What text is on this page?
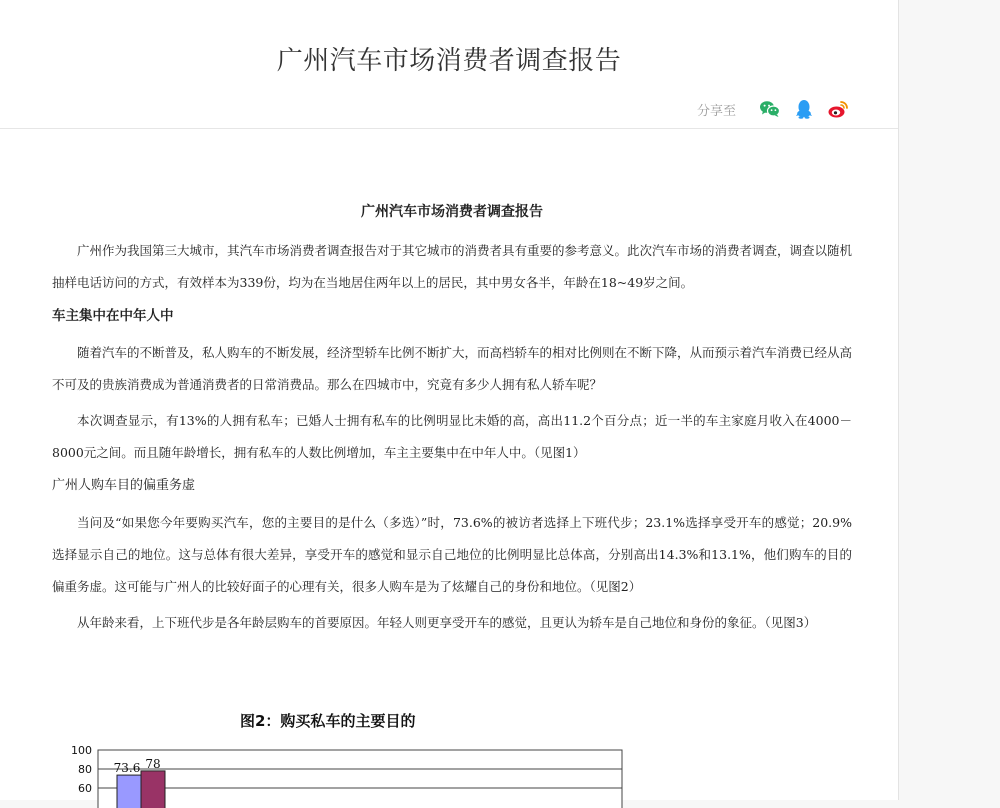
广州汽车市场消费者调查报告
分享至
广州汽车市场消费者调查报告

广州作为我国第三大城市，其汽车市场消费者调查报告对于其它城市的消费者具有重要的参考意义。此次汽车市场的消费者调查，调查以随机抽样电话访问的方式，有效样本为339份，均为在当地居住两年以上的居民，其中男女各半，年龄在18~49岁之间。

车主集中在中年人中

随着汽车的不断普及，私人购车的不断发展，经济型轿车比例不断扩大，而高档轿车的相对比例则在不断下降，从而预示着汽车消费已经从高不可及的贵族消费成为普通消费者的日常消费品。那么在四城市中，究竟有多少人拥有私人轿车呢？

本次调查显示，有13%的人拥有私车；已婚人士拥有私车的比例明显比未婚的高，高出11.2个百分点；近一半的车主家庭月收入在4000－8000元之间。而且随年龄增长，拥有私车的人数比例增加，车主主要集中在中年人中。（见图1）

广州人购车目的偏重务虚

当问及“如果您今年要购买汽车，您的主要目的是什么（多选）”时，73.6%的被访者选择上下班代步；23.1%选择享受开车的感觉；20.9%选择显示自己的地位。这与总体有很大差异，享受开车的感觉和显示自己地位的比例明显比总体高，分别高出14.3%和13.1%，他们购车的目的偏重务虚。这可能与广州人的比较好面子的心理有关，很多人购车是为了炫耀自己的身份和地位。（见图2）

从年龄来看，上下班代步是各年龄层购车的首要原因。年轻人则更享受开车的感觉，且更认为轿车是自己地位和身份的象征。（见图3）

图2：购买私车的主要目的
100
80
60
73.6 78
